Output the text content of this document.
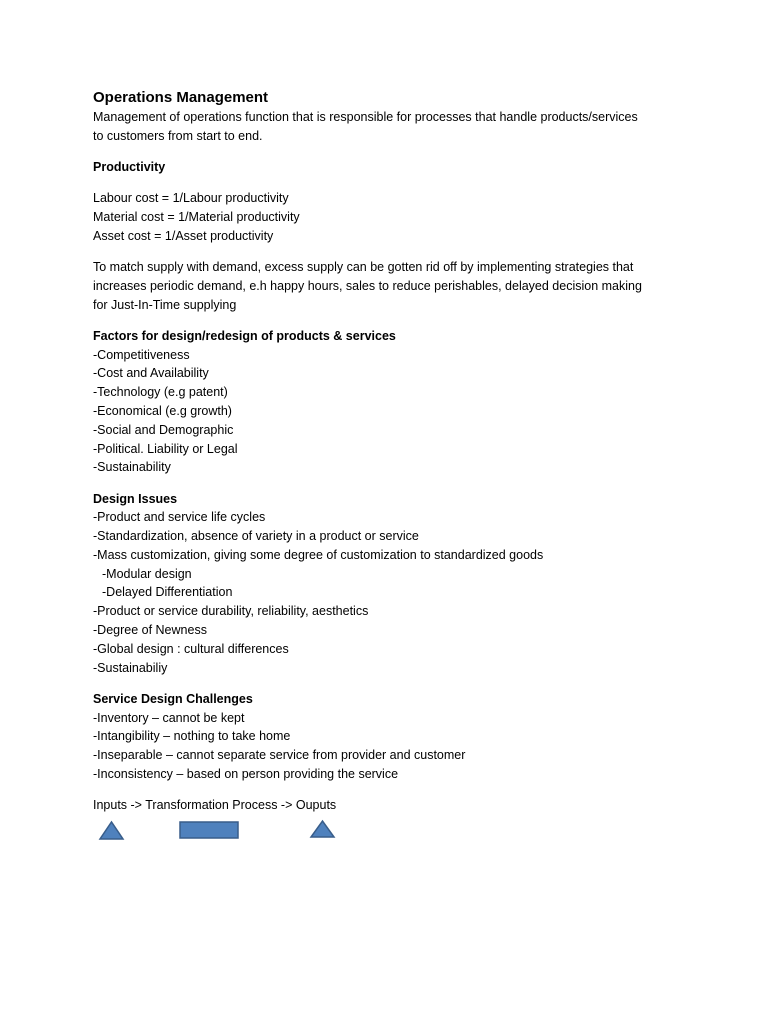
Operations Management
Management of operations function that is responsible for processes that handle products/services
to customers from start to end.
Productivity
Labour cost = 1/Labour productivity
Material cost = 1/Material productivity
Asset cost = 1/Asset productivity
To match supply with demand, excess supply can be gotten rid off by implementing strategies that
increases periodic demand, e.h happy hours, sales to reduce perishables, delayed decision making
for Just-In-Time supplying
Factors for design/redesign of products & services
-Competitiveness
-Cost and Availability
-Technology (e.g patent)
-Economical (e.g growth)
-Social and Demographic
-Political. Liability or Legal
-Sustainability
Design Issues
-Product and service life cycles
-Standardization, absence of variety in a product or service
-Mass customization, giving some degree of customization to standardized goods
-Modular design
-Delayed Differentiation
-Product or service durability, reliability, aesthetics
-Degree of Newness
-Global design : cultural differences
-Sustainabiliy
Service Design Challenges
-Inventory – cannot be kept
-Intangibility – nothing to take home
-Inseparable – cannot separate service from provider and customer
-Inconsistency – based on person providing the service
Inputs -> Transformation Process -> Ouputs
